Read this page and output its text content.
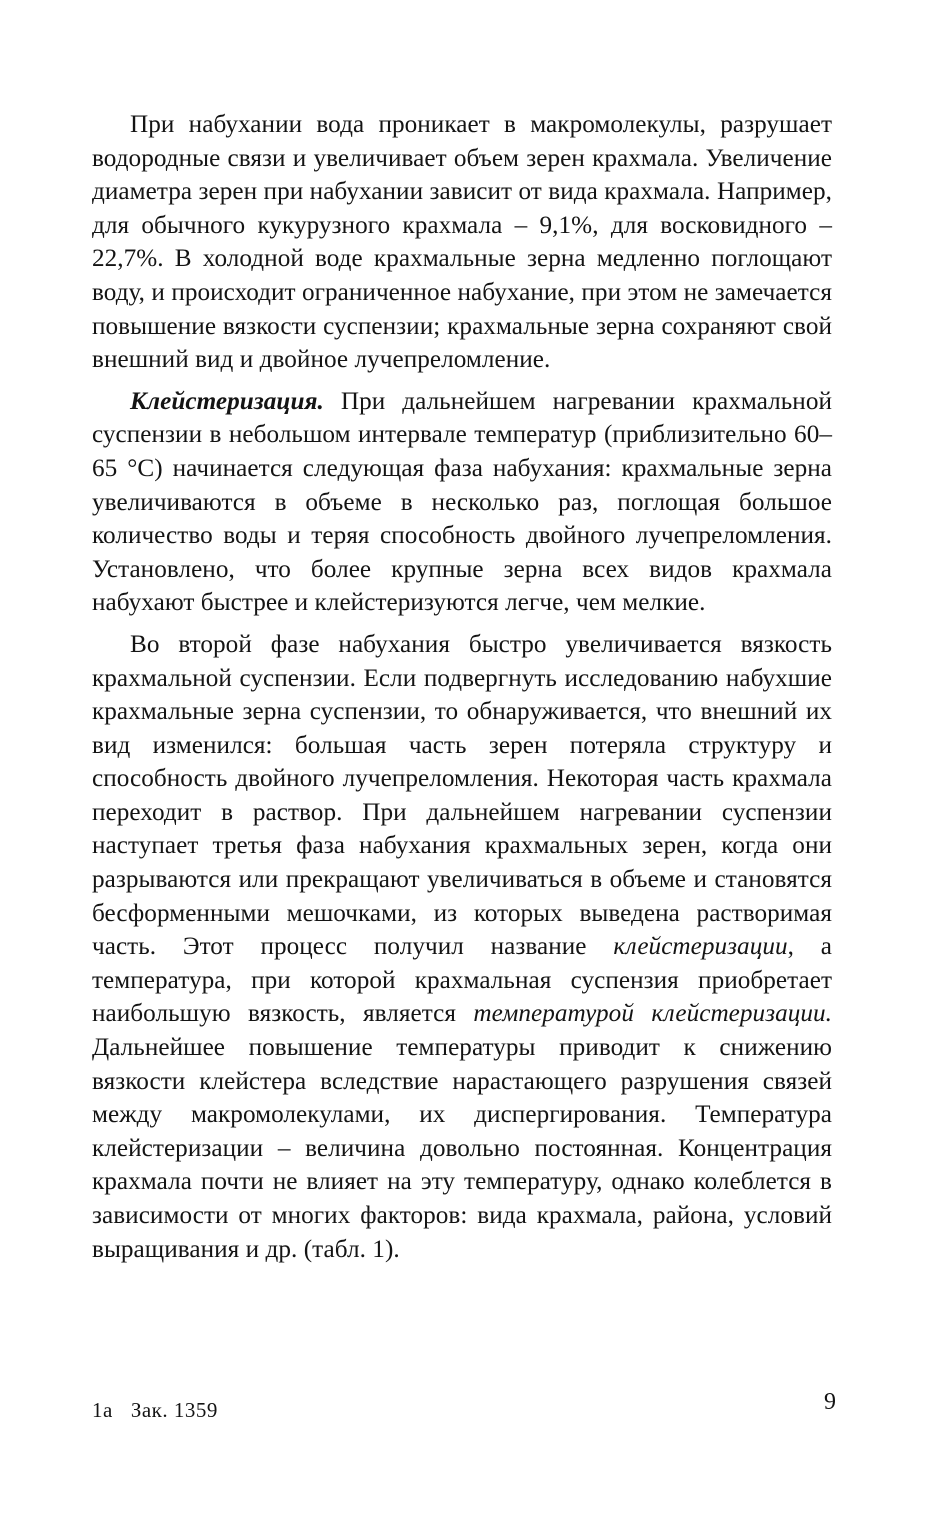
При набухании вода проникает в макромолекулы, разрушает водородные связи и увеличивает объем зерен крахмала. Увеличение диаметра зерен при набухании зависит от вида крахмала. Например, для обычного кукурузного крахмала – 9,1%, для восковидного – 22,7%. В холодной воде крахмальные зерна медленно поглощают воду, и происходит ограниченное набухание, при этом не замечается повышение вязкости суспензии; крахмальные зерна сохраняют свой внешний вид и двойное лучепреломление.

Клейстеризация. При дальнейшем нагревании крахмальной суспензии в небольшом интервале температур (приблизительно 60–65 °С) начинается следующая фаза набухания: крахмальные зерна увеличиваются в объеме в несколько раз, поглощая большое количество воды и теряя способность двойного лучепреломления. Установлено, что более крупные зерна всех видов крахмала набухают быстрее и клейстеризуются легче, чем мелкие.

Во второй фазе набухания быстро увеличивается вязкость крахмальной суспензии. Если подвергнуть исследованию набухшие крахмальные зерна суспензии, то обнаруживается, что внешний их вид изменился: большая часть зерен потеряла структуру и способность двойного лучепреломления. Некоторая часть крахмала переходит в раствор. При дальнейшем нагревании суспензии наступает третья фаза набухания крахмальных зерен, когда они разрываются или прекращают увеличиваться в объеме и становятся бесформенными мешочками, из которых выведена растворимая часть. Этот процесс получил название клейстеризации, а температура, при которой крахмальная суспензия приобретает наибольшую вязкость, является температурой клейстеризации. Дальнейшее повышение температуры приводит к снижению вязкости клейстера вследствие нарастающего разрушения связей между макромолекулами, их диспергирования. Температура клейстеризации – величина довольно постоянная. Концентрация крахмала почти не влияет на эту температуру, однако колеблется в зависимости от многих факторов: вида крахмала, района, условий выращивания и др. (табл. 1).

1а Зак. 1359	9
